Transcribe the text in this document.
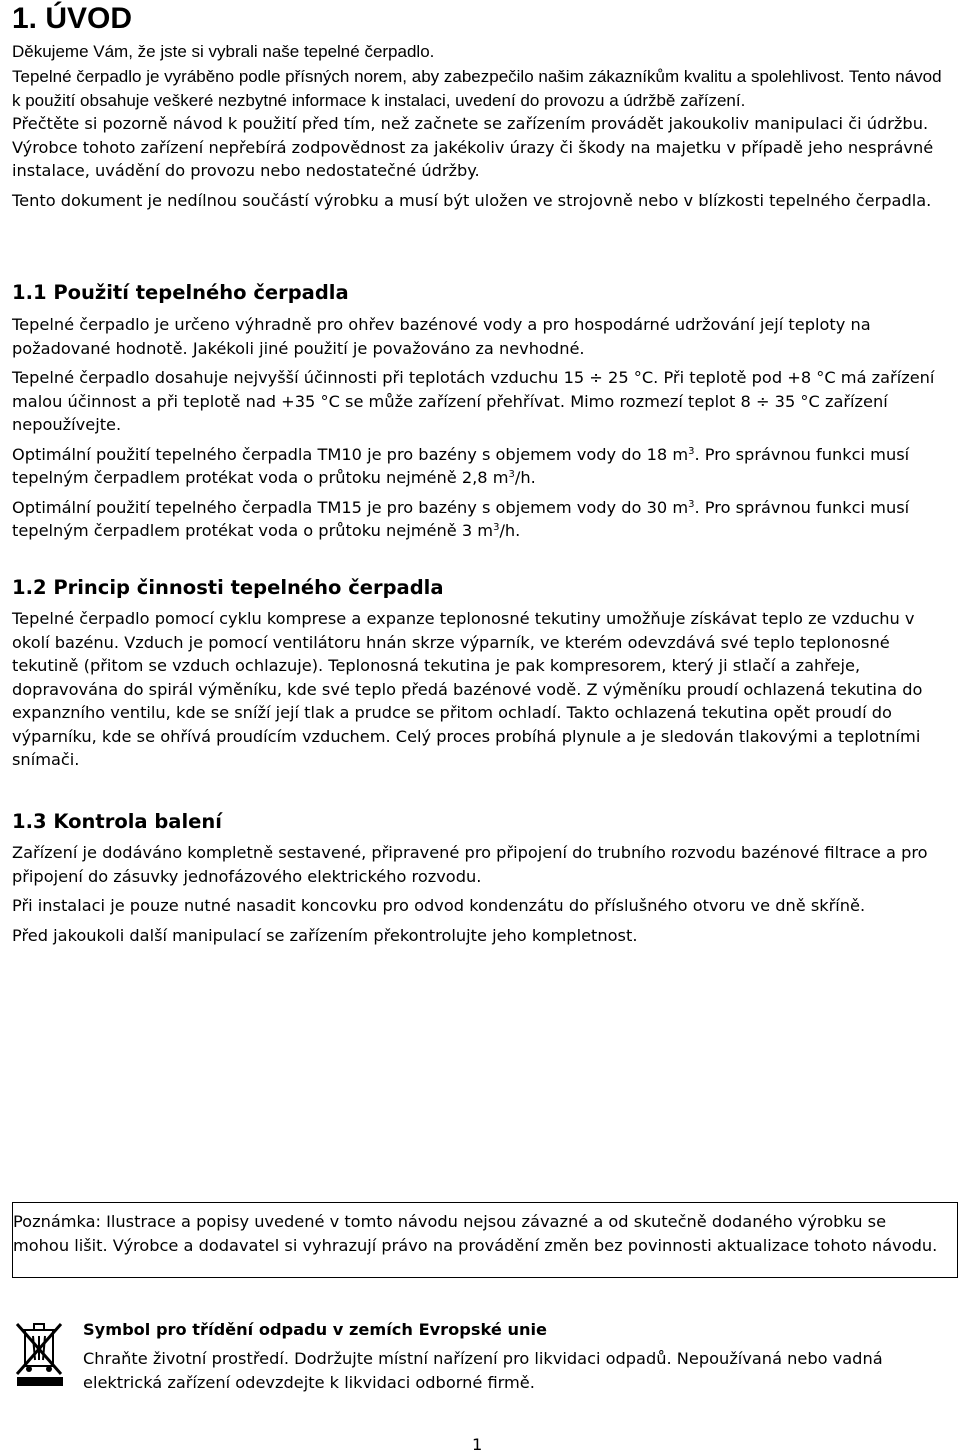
1. ÚVOD

Děkujeme Vám, že jste si vybrali naše tepelné čerpadlo.

Tepelné čerpadlo je vyráběno podle přísných norem, aby zabezpečilo našim zákazníkům kvalitu a spolehlivost. Tento návod k použití obsahuje veškeré nezbytné informace k instalaci, uvedení do provozu a údržbě zařízení.

Přečtěte si pozorně návod k použití před tím, než začnete se zařízením provádět jakoukoliv manipulaci či údržbu. Výrobce tohoto zařízení nepřebírá zodpovědnost za jakékoliv úrazy či škody na majetku v případě jeho nesprávné instalace, uvádění do provozu nebo nedostatečné údržby.

Tento dokument je nedílnou součástí výrobku a musí být uložen ve strojovně nebo v blízkosti tepelného čerpadla.

1.1 Použití tepelného čerpadla

Tepelné čerpadlo je určeno výhradně pro ohřev bazénové vody a pro hospodárné udržování její teploty na požadované hodnotě. Jakékoli jiné použití je považováno za nevhodné.

Tepelné čerpadlo dosahuje nejvyšší účinnosti při teplotách vzduchu 15 ÷ 25 °C. Při teplotě pod +8 °C má zařízení malou účinnost a při teplotě nad +35 °C se může zařízení přehřívat. Mimo rozmezí teplot 8 ÷ 35 °C zařízení nepoužívejte.

Optimální použití tepelného čerpadla TM10 je pro bazény s objemem vody do 18 $m^3$. Pro správnou funkci musí tepelným čerpadlem protékat voda o průtoku nejméně 2,8 $m^3/h$.

Optimální použití tepelného čerpadla TM15 je pro bazény s objemem vody do 30 $m^3$. Pro správnou funkci musí tepelným čerpadlem protékat voda o průtoku nejméně 3 $m^3/h$.

1.2 Princip činnosti tepelného čerpadla

Tepelné čerpadlo pomocí cyklu komprese a expanze teplonosné tekutiny umožňuje získávat teplo ze vzduchu v okolí bazénu. Vzduch je pomocí ventilátoru hnán skrze výparník, ve kterém odevzdává své teplo teplonosné tekutině (přitom se vzduch ochlazuje). Teplonosná tekutina je pak kompresorem, který ji stlačí a zahřeje, dopravována do spirál výměníku, kde své teplo předá bazénové vodě. Z výměníku proudí ochlazená tekutina do expanzního ventilu, kde se sníží její tlak a prudce se přitom ochladí. Takto ochlazená tekutina opět proudí do výparníku, kde se ohřívá proudícím vzduchem. Celý proces probíhá plynule a je sledován tlakovými a teplotními snímači.

1.3 Kontrola balení

Zařízení je dodáváno kompletně sestavené, připravené pro připojení do trubního rozvodu bazénové filtrace a pro připojení do zásuvky jednofázového elektrického rozvodu.

Při instalaci je pouze nutné nasadit koncovku pro odvod kondenzátu do příslušného otvoru ve dně skříně.

Před jakoukoli další manipulací se zařízením překontrolujte jeho kompletnost.

Poznámka: Ilustrace a popisy uvedené v tomto návodu nejsou závazné a od skutečně dodaného výrobku se mohou lišit. Výrobce a dodavatel si vyhrazují právo na provádění změn bez povinnosti aktualizace tohoto návodu.
Symbol pro třídění odpadu v zemích Evropské unie
Chraňte životní prostředí. Dodržujte místní nařízení pro likvidaci odpadů. Nepoužívaná nebo vadná elektrická zařízení odevzdejte k likvidaci odborné firmě.
1
